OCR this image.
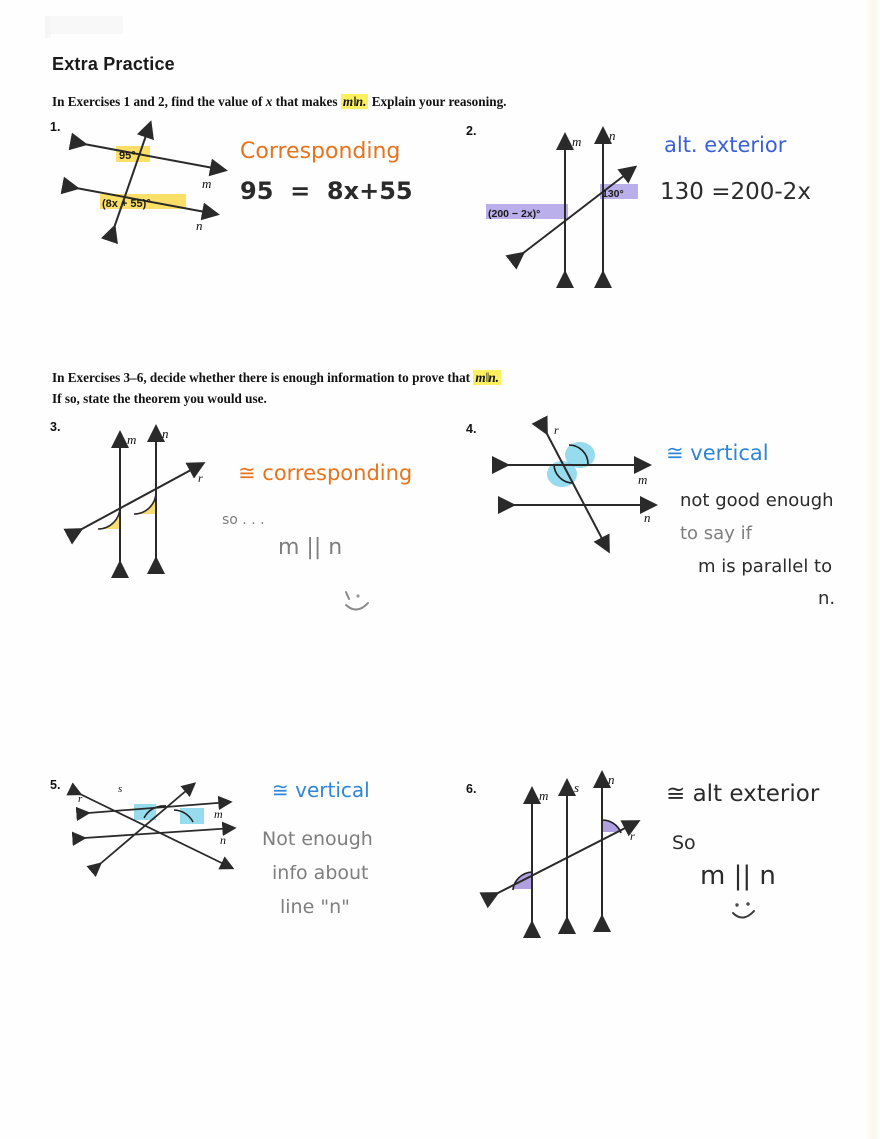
Extra Practice
In Exercises 1 and 2, find the value of x that makes m‖n. Explain your reasoning.
1.
95°
(8x + 55)°
m
n
Corresponding
95  =  8x+55
2.
(200 − 2x)°
130°
m n alt. exterior
130 =200-2x
In Exercises 3–6, decide whether there is enough information to prove that m‖n.
If so, state the theorem you would use.
3.
m n
r ≅ corresponding
so . . .
m || n
4.	r
m
n
≅ vertical
not good enough
to say if
m is parallel to
n.
5.
r
s
m
n
≅ vertical
Not enough
info about
line "n"
6.	m
s
n
r
≅ alt exterior
So
m || n
